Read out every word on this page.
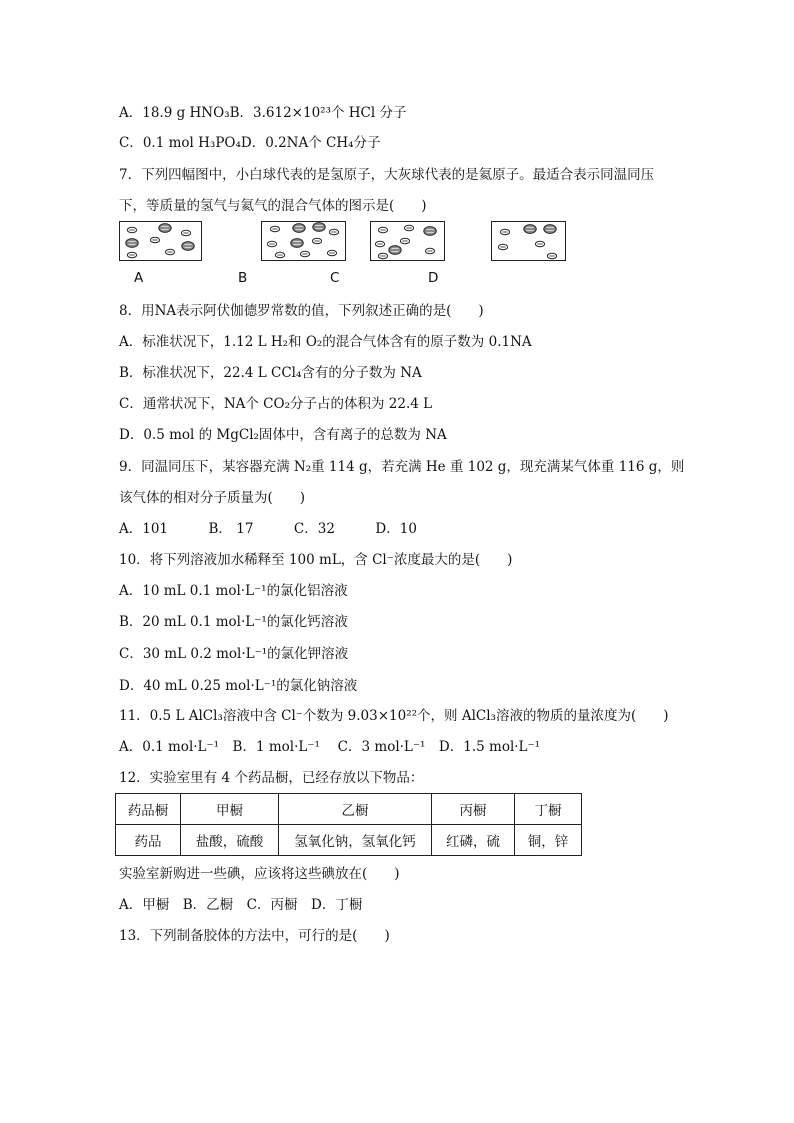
A．18.9 g HNO₃B．3.612×10²³个 HCl 分子
C．0.1 mol H₃PO₄D．0.2NA个 CH₄分子
7．下列四幅图中，小白球代表的是氢原子，大灰球代表的是氦原子。最适合表示同温同压
下，等质量的氢气与氦气的混合气体的图示是(　　)
A	B	C	D
8．用NA表示阿伏伽德罗常数的值，下列叙述正确的是(　　)
A．标准状况下，1.12 L H₂和 O₂的混合气体含有的原子数为 0.1NA
B．标准状况下，22.4 L CCl₄含有的分子数为 NA
C．通常状况下，NA个 CO₂分子占的体积为 22.4 L
D．0.5 mol 的 MgCl₂固体中，含有离子的总数为 NA
9．同温同压下，某容器充满 N₂重 114 g，若充满 He 重 102 g，现充满某气体重 116 g，则
该气体的相对分子质量为(　　)
A．101　　　B． 17　　　C．32　　　D．10
10．将下列溶液加水稀释至 100 mL，含 Cl⁻浓度最大的是(　　)
A．10 mL 0.1 mol·L⁻¹的氯化铝溶液
B．20 mL 0.1 mol·L⁻¹的氯化钙溶液
C．30 mL 0.2 mol·L⁻¹的氯化钾溶液
D．40 mL 0.25 mol·L⁻¹的氯化钠溶液
11．0.5 L AlCl₃溶液中含 Cl⁻个数为 9.03×10²²个，则 AlCl₃溶液的物质的量浓度为(　　)
A．0.1 mol·L⁻¹　B．1 mol·L⁻¹　 C．3 mol·L⁻¹　D．1.5 mol·L⁻¹
12．实验室里有 4 个药品橱，已经存放以下物品：
药品橱	甲橱	乙橱	丙橱	丁橱
药品	盐酸，硫酸	氢氧化钠，氢氧化钙	红磷，硫	铜，锌
实验室新购进一些碘，应该将这些碘放在(　　)
A．甲橱　B．乙橱　C．丙橱　D．丁橱
13．下列制备胶体的方法中，可行的是(　　)
